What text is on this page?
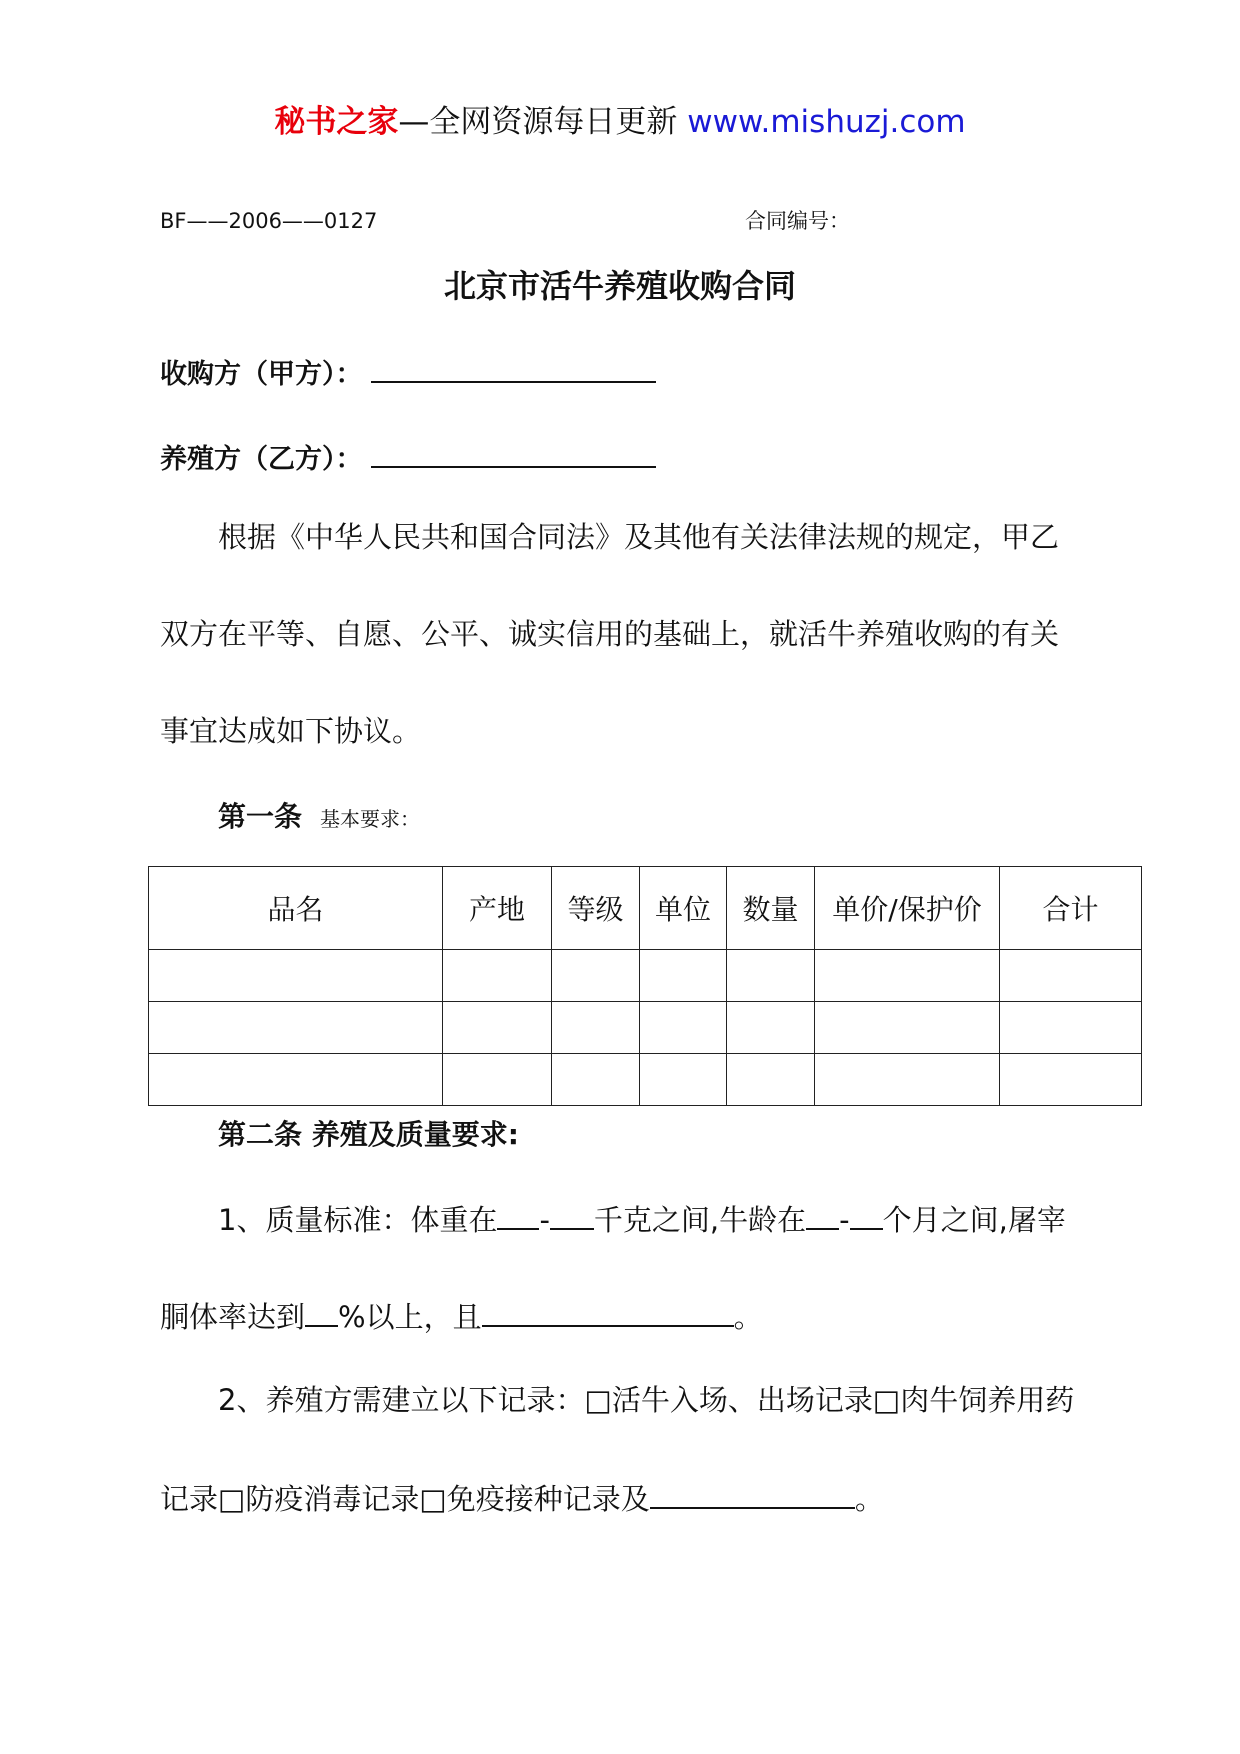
秘书之家—全网资源每日更新 www.mishuzj.com
BF——2006——0127	合同编号：
北京市活牛养殖收购合同
收购方（甲方）：
养殖方（乙方）：
根据《中华人民共和国合同法》及其他有关法律法规的规定，甲乙
双方在平等、自愿、公平、诚实信用的基础上，就活牛养殖收购的有关
事宜达成如下协议。
第一条 基本要求：
品名	产地	等级	单位	数量	单价/保护价	合计

第二条 养殖及质量要求:
1、质量标准：体重在 - 千克之间,牛龄在 - 个月之间,屠宰
胴体率达到 %以上，且	。
2、养殖方需建立以下记录：□活牛入场、出场记录□肉牛饲养用药
记录□防疫消毒记录□免疫接种记录及	。
